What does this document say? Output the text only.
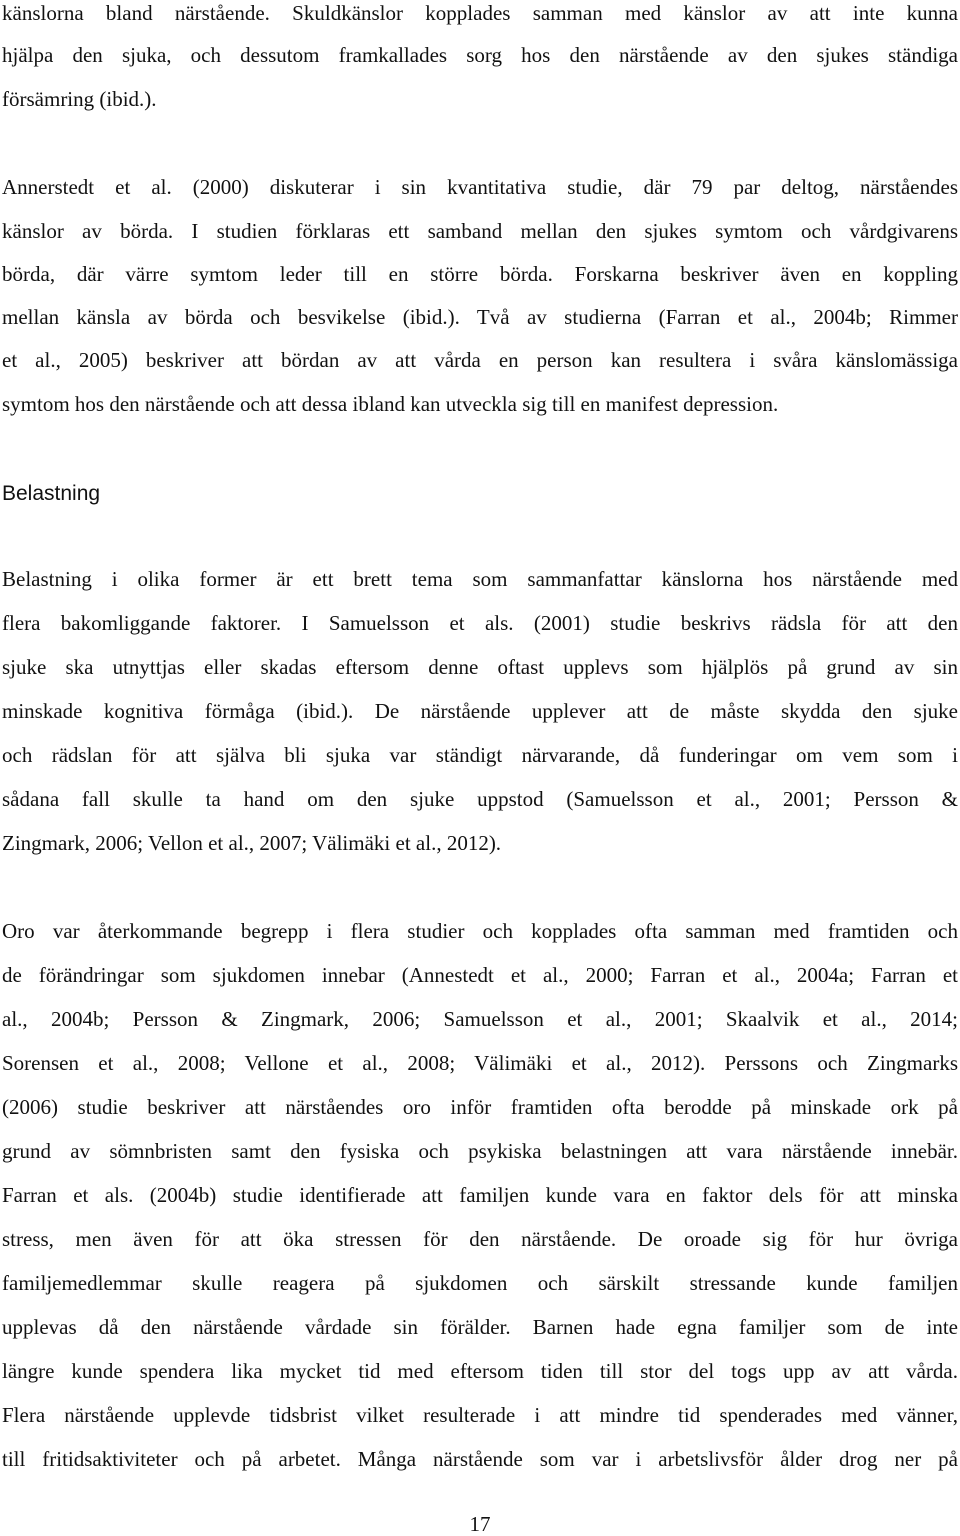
känslorna bland närstående. Skuldkänslor kopplades samman med känslor av att inte kunna
hjälpa den sjuka, och dessutom framkallades sorg hos den närstående av den sjukes ständiga
försämring (ibid.).
Annerstedt et al. (2000) diskuterar i sin kvantitativa studie, där 79 par deltog, närståendes
känslor av börda. I studien förklaras ett samband mellan den sjukes symtom och vårdgivarens
börda, där värre symtom leder till en större börda. Forskarna beskriver även en koppling
mellan känsla av börda och besvikelse (ibid.). Två av studierna (Farran et al., 2004b; Rimmer
et al., 2005) beskriver att bördan av att vårda en person kan resultera i svåra känslomässiga
symtom hos den närstående och att dessa ibland kan utveckla sig till en manifest depression.
Belastning
Belastning i olika former är ett brett tema som sammanfattar känslorna hos närstående med
flera bakomliggande faktorer. I Samuelsson et als. (2001) studie beskrivs rädsla för att den
sjuke ska utnyttjas eller skadas eftersom denne oftast upplevs som hjälplös på grund av sin
minskade kognitiva förmåga (ibid.). De närstående upplever att de måste skydda den sjuke
och rädslan för att själva bli sjuka var ständigt närvarande, då funderingar om vem som i
sådana fall skulle ta hand om den sjuke uppstod (Samuelsson et al., 2001; Persson &
Zingmark, 2006; Vellon et al., 2007; Välimäki et al., 2012).
Oro var återkommande begrepp i flera studier och kopplades ofta samman med framtiden och
de förändringar som sjukdomen innebar (Annestedt et al., 2000; Farran et al., 2004a; Farran et
al., 2004b; Persson & Zingmark, 2006; Samuelsson et al., 2001; Skaalvik et al., 2014;
Sorensen et al., 2008; Vellone et al., 2008; Välimäki et al., 2012). Perssons och Zingmarks
(2006) studie beskriver att närståendes oro inför framtiden ofta berodde på minskade ork på
grund av sömnbristen samt den fysiska och psykiska belastningen att vara närstående innebär.
Farran et als. (2004b) studie identifierade att familjen kunde vara en faktor dels för att minska
stress, men även för att öka stressen för den närstående. De oroade sig för hur övriga
familjemedlemmar skulle reagera på sjukdomen och särskilt stressande kunde familjen
upplevas då den närstående vårdade sin förälder. Barnen hade egna familjer som de inte
längre kunde spendera lika mycket tid med eftersom tiden till stor del togs upp av att vårda.
Flera närstående upplevde tidsbrist vilket resulterade i att mindre tid spenderades med vänner,
till fritidsaktiviteter och på arbetet. Många närstående som var i arbetslivsför ålder drog ner på
17
